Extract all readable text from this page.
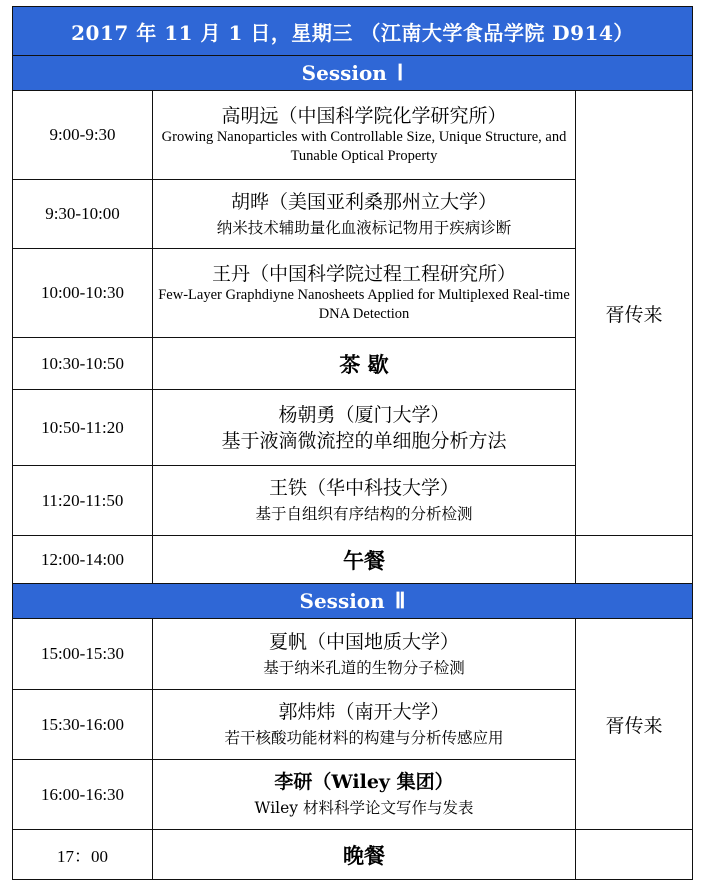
2017 年 11 月 1 日，星期三 （江南大学食品学院 D914）		
Session Ⅰ		
9:00-9:30	高明远（中国科学院化学研究所）
Growing Nanoparticles with Controllable Size, Unique Structure, and Tunable Optical Property	胥传来
9:30-10:00	胡晔（美国亚利桑那州立大学）
纳米技术辅助量化血液标记物用于疾病诊断	

10:00-10:30	王丹（中国科学院过程工程研究所）
Few-Layer Graphdiyne Nanosheets Applied for Multiplexed Real-time DNA Detection	

10:30-10:50	茶 歇	
10:50-11:20	杨朝勇（厦门大学）
基于液滴微流控的单细胞分析方法	

11:20-11:50	王铁（华中科技大学）
基于自组织有序结构的分析检测	

12:00-14:00	午餐	
Session Ⅱ		
15:00-15:30	夏帆（中国地质大学）
基于纳米孔道的生物分子检测	胥传来
15:30-16:00	郭炜炜（南开大学）
若干核酸功能材料的构建与分析传感应用	

16:00-16:30	李研（Wiley 集团）
Wiley 材料科学论文写作与发表	

17：00	晚餐	
